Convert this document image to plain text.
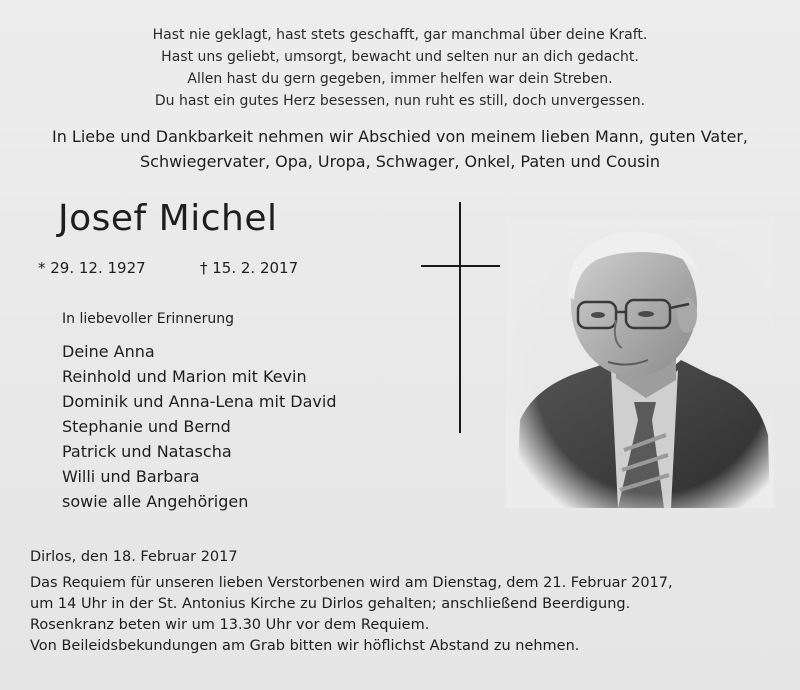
Hast nie geklagt, hast stets geschafft, gar manchmal über deine Kraft.
Hast uns geliebt, umsorgt, bewacht und selten nur an dich gedacht.
Allen hast du gern gegeben, immer helfen war dein Streben.
Du hast ein gutes Herz besessen, nun ruht es still, doch unvergessen.
In Liebe und Dankbarkeit nehmen wir Abschied von meinem lieben Mann, guten Vater,
Schwiegervater, Opa, Uropa, Schwager, Onkel, Paten und Cousin
Josef Michel
* 29. 12. 1927	† 15. 2. 2017
In liebevoller Erinnerung
Deine Anna
Reinhold und Marion mit Kevin
Dominik und Anna-Lena mit David
Stephanie und Bernd
Patrick und Natascha
Willi und Barbara
sowie alle Angehörigen
Dirlos, den 18. Februar 2017
Das Requiem für unseren lieben Verstorbenen wird am Dienstag, dem 21. Februar 2017,
um 14 Uhr in der St. Antonius Kirche zu Dirlos gehalten; anschließend Beerdigung.
Rosenkranz beten wir um 13.30 Uhr vor dem Requiem.
Von Beileidsbekundungen am Grab bitten wir höflichst Abstand zu nehmen.
